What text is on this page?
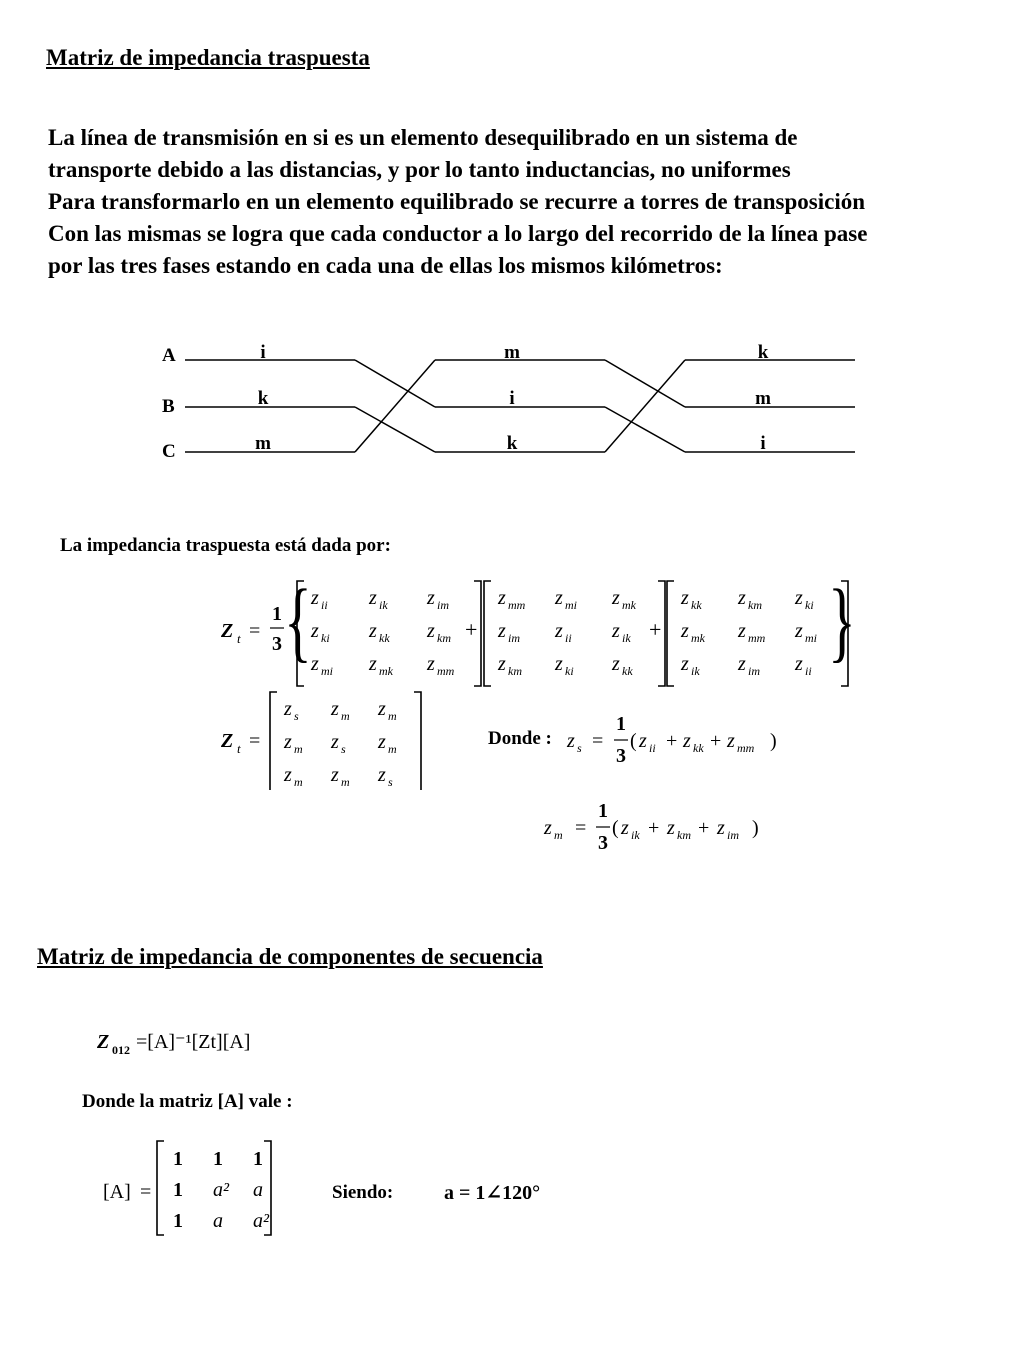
Matriz de impedancia traspuesta
La línea de transmisión en si es un elemento desequilibrado en un sistema de
transporte debido a las distancias, y por lo tanto inductancias, no uniformes
Para transformarlo en un elemento equilibrado se recurre a torres de transposición
Con las mismas se logra que cada conductor a lo largo del recorrido de la línea pase
por las tres fases estando en cada una de ellas los mismos kilómetros:
A
B
C
i
k
m
m
i
k
k
m
i
La impedancia traspuesta está dada por:
Z t =
1
3 {	}
z ii z ik z im
z ki z kk z km
z mi z mk z mm
z mm z mi z mk
z im z ii z ik
z km z ki z kk
z kk z km z ki
z mk z mm z mi
z ik z im z ii
+	+
Z t =
z s z m z m
z m z s z m
z m z m z s
Donde : z s =
1
3
( z ii + z kk + z mm )
z m =
1
3
( z ik + z km + z im )
Matriz de impedancia de componentes de secuencia
Z 012 =[A]⁻¹[Zt][A]
Donde la matriz [A] vale :
[A] =
1 1 1
1 a² a
1 a a²
Siendo:	a = 1∠120°
